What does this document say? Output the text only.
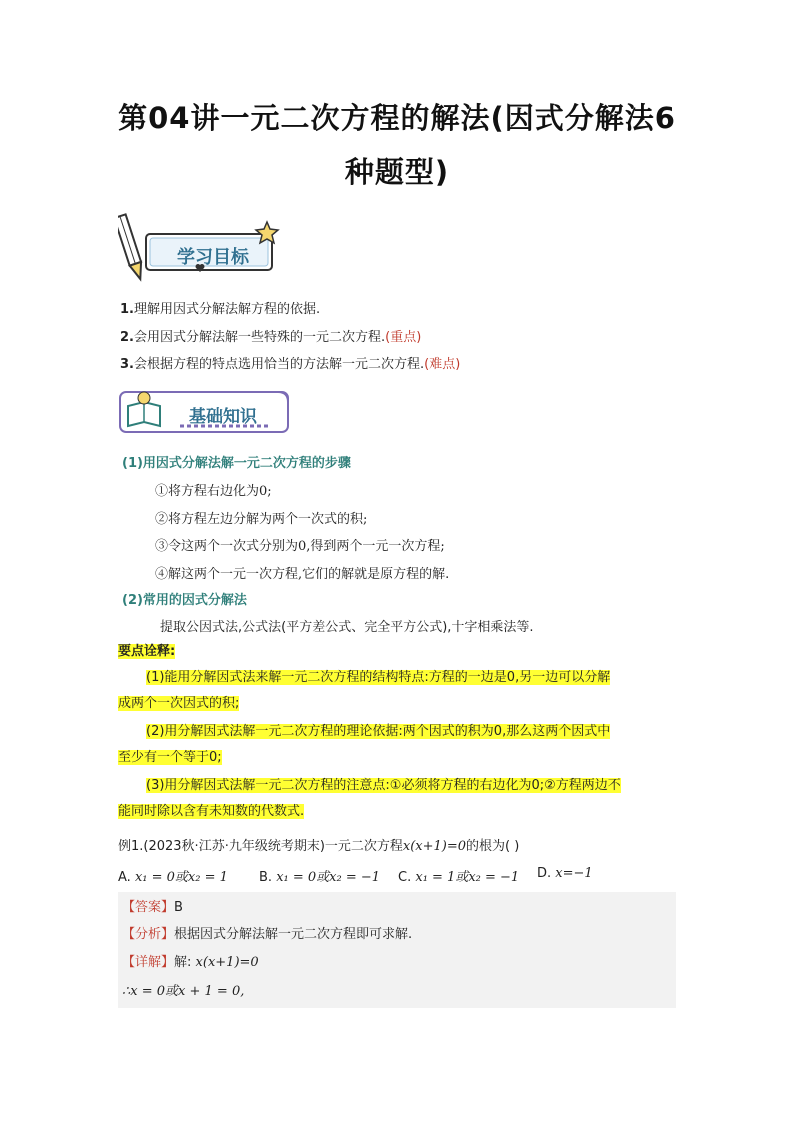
第04讲一元二次方程的解法(因式分解法6
种题型)
学习目标
1.理解用因式分解法解方程的依据.
2.会用因式分解法解一些特殊的一元二次方程.(重点)
3.会根据方程的特点选用恰当的方法解一元二次方程.(难点)
基础知识
(1)用因式分解法解一元二次方程的步骤
①将方程右边化为0;
②将方程左边分解为两个一次式的积;
③令这两个一次式分别为0,得到两个一元一次方程;
④解这两个一元一次方程,它们的解就是原方程的解.
(2)常用的因式分解法
提取公因式法,公式法(平方差公式、完全平方公式),十字相乘法等.
要点诠释:
(1)能用分解因式法来解一元二次方程的结构特点:方程的一边是0,另一边可以分解
成两个一次因式的积;
(2)用分解因式法解一元二次方程的理论依据:两个因式的积为0,那么这两个因式中
至少有一个等于0;
(3)用分解因式法解一元二次方程的注意点:①必须将方程的右边化为0;②方程两边不
能同时除以含有未知数的代数式.
例1.(2023秋·江苏·九年级统考期末)一元二次方程x(x+1)=0的根为( )
A. x₁ = 0或x₂ = 1 B. x₁ = 0或x₂ = −1 C. x₁ = 1或x₂ = −1 D. x=−1
【答案】B
【分析】根据因式分解法解一元二次方程即可求解.
【详解】解: x(x+1)=0
∴x = 0或x + 1 = 0,
